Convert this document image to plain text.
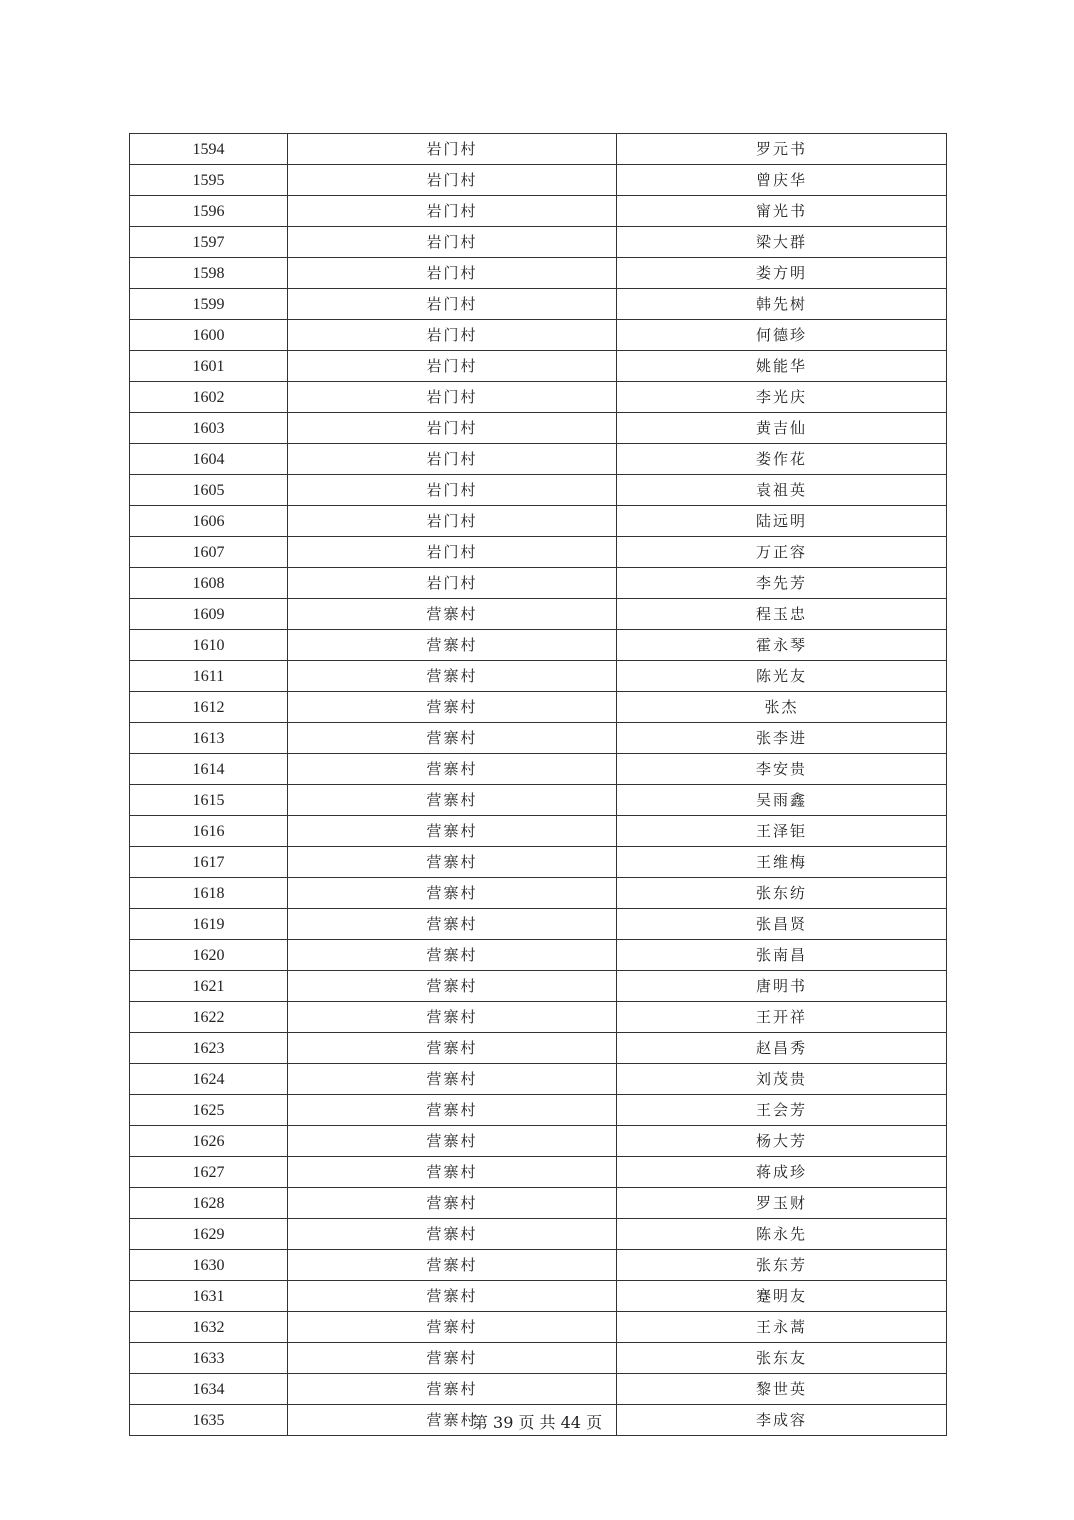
1594	岩门村	罗元书
1595	岩门村	曾庆华
1596	岩门村	甯光书
1597	岩门村	梁大群
1598	岩门村	娄方明
1599	岩门村	韩先树
1600	岩门村	何德珍
1601	岩门村	姚能华
1602	岩门村	李光庆
1603	岩门村	黄吉仙
1604	岩门村	娄作花
1605	岩门村	袁祖英
1606	岩门村	陆远明
1607	岩门村	万正容
1608	岩门村	李先芳
1609	营寨村	程玉忠
1610	营寨村	霍永琴
1611	营寨村	陈光友
1612	营寨村	张杰
1613	营寨村	张李进
1614	营寨村	李安贵
1615	营寨村	吴雨鑫
1616	营寨村	王泽钜
1617	营寨村	王维梅
1618	营寨村	张东纺
1619	营寨村	张昌贤
1620	营寨村	张南昌
1621	营寨村	唐明书
1622	营寨村	王开祥
1623	营寨村	赵昌秀
1624	营寨村	刘茂贵
1625	营寨村	王会芳
1626	营寨村	杨大芳
1627	营寨村	蒋成珍
1628	营寨村	罗玉财
1629	营寨村	陈永先
1630	营寨村	张东芳
1631	营寨村	蹇明友
1632	营寨村	王永蒿
1633	营寨村	张东友
1634	营寨村	黎世英
1635	营寨村	李成容
第 39 页 共 44 页
